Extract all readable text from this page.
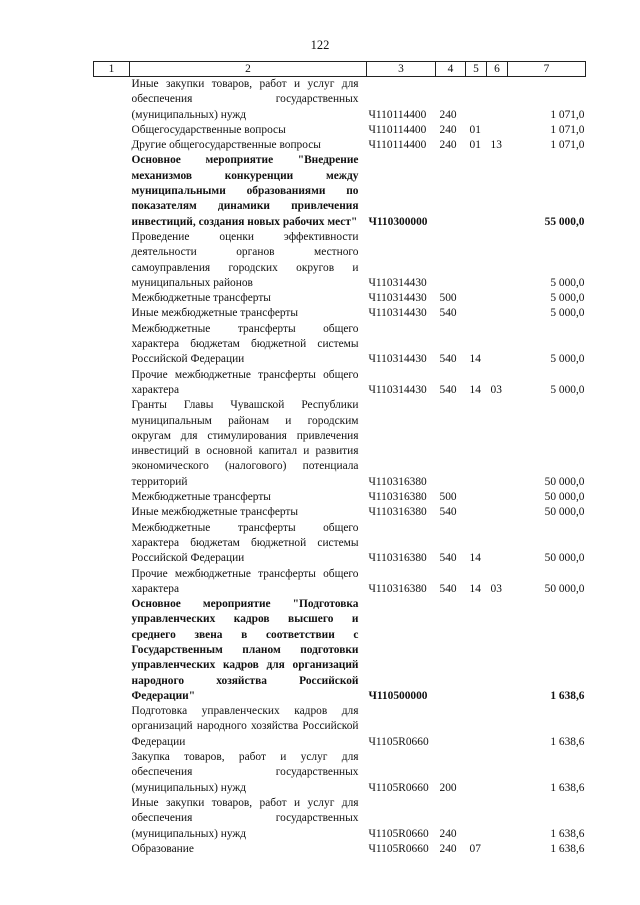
122
1	2	3	4	5	6	7
	Иные закупки товаров, работ и услуг для обеспечения государственных (муниципальных) нужд	Ч110114400	240			1 071,0
	Общегосударственные вопросы	Ч110114400	240	01		1 071,0
	Другие общегосударственные вопросы	Ч110114400	240	01	13	1 071,0
	Основное мероприятие "Внедрение механизмов конкуренции между муниципальными образованиями по показателям динамики привлечения инвестиций, создания новых рабочих мест"	Ч110300000				55 000,0
	Проведение оценки эффективности деятельности органов местного самоуправления городских округов и муниципальных районов	Ч110314430				5 000,0
	Межбюджетные трансферты	Ч110314430	500			5 000,0
	Иные межбюджетные трансферты	Ч110314430	540			5 000,0
	Межбюджетные трансферты общего характера бюджетам бюджетной системы Российской Федерации	Ч110314430	540	14		5 000,0
	Прочие межбюджетные трансферты общего характера	Ч110314430	540	14	03	5 000,0
	Гранты Главы Чувашской Республики муниципальным районам и городским округам для стимулирования привлечения инвестиций в основной капитал и развития экономического (налогового) потенциала территорий	Ч110316380				50 000,0
	Межбюджетные трансферты	Ч110316380	500			50 000,0
	Иные межбюджетные трансферты	Ч110316380	540			50 000,0
	Межбюджетные трансферты общего характера бюджетам бюджетной системы Российской Федерации	Ч110316380	540	14		50 000,0
	Прочие межбюджетные трансферты общего характера	Ч110316380	540	14	03	50 000,0
	Основное мероприятие "Подготовка управленческих кадров высшего и среднего звена в соответствии с Государственным планом подготовки управленческих кадров для организаций народного хозяйства Российской Федерации"	Ч110500000				1 638,6
	Подготовка управленческих кадров для организаций народного хозяйства Российской Федерации	Ч1105R0660				1 638,6
	Закупка товаров, работ и услуг для обеспечения государственных (муниципальных) нужд	Ч1105R0660	200			1 638,6
	Иные закупки товаров, работ и услуг для обеспечения государственных (муниципальных) нужд	Ч1105R0660	240			1 638,6
	Образование	Ч1105R0660	240	07		1 638,6
